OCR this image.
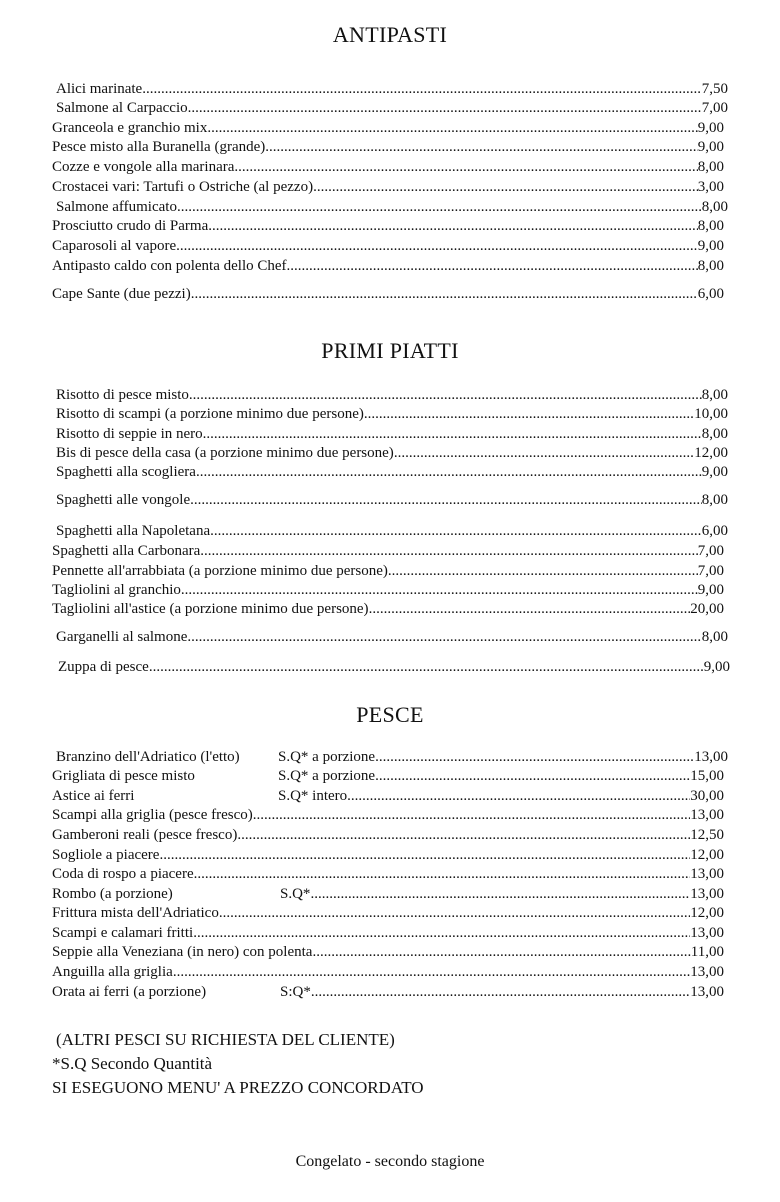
ANTIPASTI
Alici marinate .....	7,50
Salmone al Carpaccio .....	7,00
Granceola e granchio mix .....	9,00
Pesce misto alla Buranella (grande) .....	9,00
Cozze e vongole alla marinara .....	8,00
Crostacei vari: Tartufi o Ostriche (al pezzo) .....	3,00
Salmone affumicato .....	8,00
Prosciutto crudo di Parma .....	8,00
Caparosoli al vapore .....	9,00
Antipasto caldo con polenta dello Chef .....	8,00
Cape Sante (due pezzi) .....	6,00
PRIMI PIATTI
Risotto di pesce misto .....	8,00
Risotto di scampi (a porzione minimo due persone) .....	10,00
Risotto di seppie in nero .....	8,00
Bis di pesce della casa (a porzione minimo due persone) .....	12,00
Spaghetti alla scogliera .....	9,00
Spaghetti alle vongole .....	8,00
Spaghetti alla Napoletana .....	6,00
Spaghetti alla Carbonara .....	7,00
Pennette all'arrabbiata (a porzione minimo due persone) .....	7,00
Tagliolini al granchio .....	9,00
Tagliolini all'astice (a porzione minimo due persone) .....	20,00
Garganelli al salmone .....	8,00
Zuppa di pesce .....	9,00
PESCE
Branzino dell'Adriatico (l'etto)	S.Q* a porzione .....	13,00
Grigliata di pesce misto	S.Q* a porzione .....	15,00
Astice ai ferri	S.Q* intero .....	30,00
Scampi alla griglia (pesce fresco) .....	13,00
Gamberoni reali (pesce fresco) .....	12,50
Sogliole a piacere .....	12,00
Coda di rospo a piacere .....	13,00
Rombo (a porzione)	S.Q* .....	13,00
Frittura mista dell'Adriatico .....	12,00
Scampi e calamari fritti .....	13,00
Seppie alla Veneziana (in nero) con polenta .....	11,00
Anguilla alla griglia .....	13,00
Orata ai ferri (a porzione)	S:Q* .....	13,00
(ALTRI PESCI SU RICHIESTA DEL CLIENTE)
*S.Q Secondo Quantità
SI ESEGUONO MENU' A PREZZO CONCORDATO
Congelato - secondo stagione
